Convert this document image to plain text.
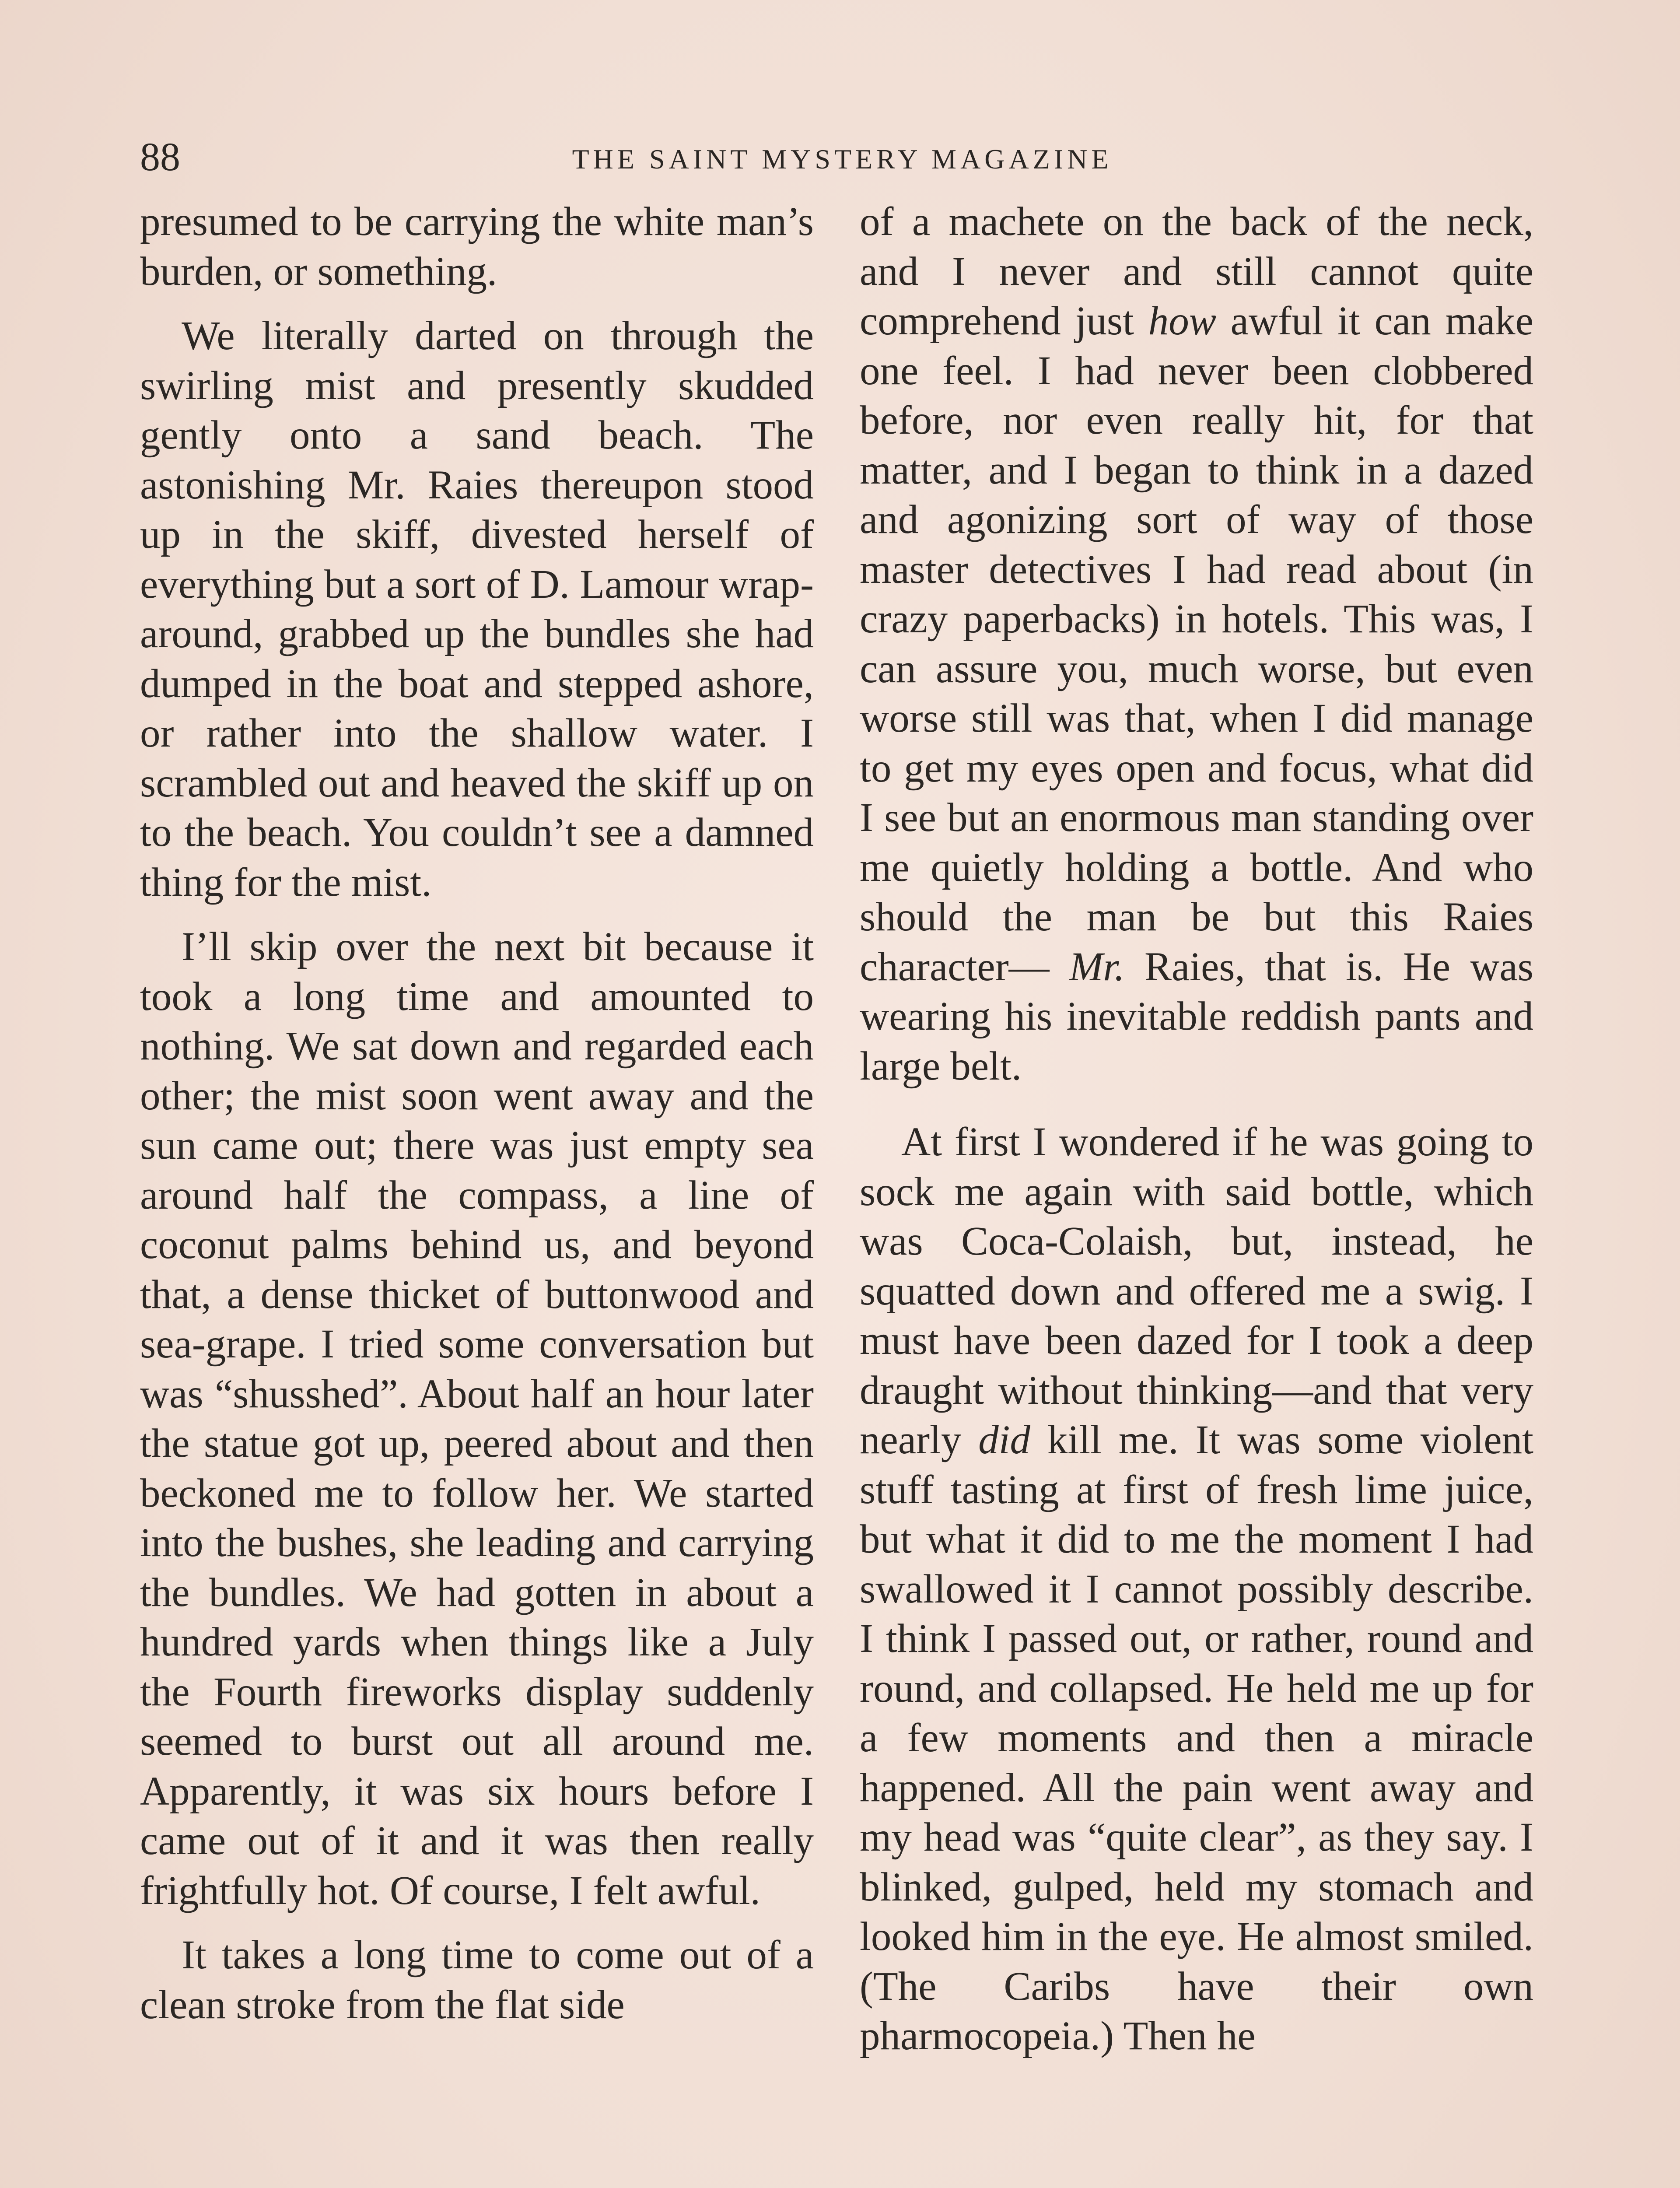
88	THE SAINT MYSTERY MAGAZINE

presumed to be carrying the white man’s burden, or something.

We literally darted on through the swirling mist and presently skudded gently onto a sand beach. The astonishing Mr. Raies thereupon stood up in the skiff, divested herself of everything but a sort of D. Lamour wrap-around, grabbed up the bundles she had dumped in the boat and stepped ashore, or rather into the shallow water. I scrambled out and heaved the skiff up on to the beach. You couldn’t see a damned thing for the mist.

I’ll skip over the next bit because it took a long time and amounted to nothing. We sat down and regarded each other; the mist soon went away and the sun came out; there was just empty sea around half the compass, a line of coconut palms behind us, and beyond that, a dense thicket of buttonwood and sea-grape. I tried some conversation but was “shusshed”. About half an hour later the statue got up, peered about and then beckoned me to follow her. We started into the bushes, she leading and carrying the bundles. We had gotten in about a hundred yards when things like a July the Fourth fireworks display suddenly seemed to burst out all around me. Apparently, it was six hours before I came out of it and it was then really frightfully hot. Of course, I felt awful.

It takes a long time to come out of a clean stroke from the flat side

of a machete on the back of the neck, and I never and still cannot quite comprehend just how awful it can make one feel. I had never been clobbered before, nor even really hit, for that matter, and I began to think in a dazed and agonizing sort of way of those master detectives I had read about (in crazy paperbacks) in hotels. This was, I can assure you, much worse, but even worse still was that, when I did manage to get my eyes open and focus, what did I see but an enormous man standing over me quietly holding a bottle. And who should the man be but this Raies character— Mr. Raies, that is. He was wearing his inevitable reddish pants and large belt.

At first I wondered if he was going to sock me again with said bottle, which was Coca-Colaish, but, instead, he squatted down and offered me a swig. I must have been dazed for I took a deep draught without thinking—and that very nearly did kill me. It was some violent stuff tasting at first of fresh lime juice, but what it did to me the moment I had swallowed it I cannot possibly describe. I think I passed out, or rather, round and round, and collapsed. He held me up for a few moments and then a miracle happened. All the pain went away and my head was “quite clear”, as they say. I blinked, gulped, held my stomach and looked him in the eye. He almost smiled. (The Caribs have their own pharmocopeia.) Then he
